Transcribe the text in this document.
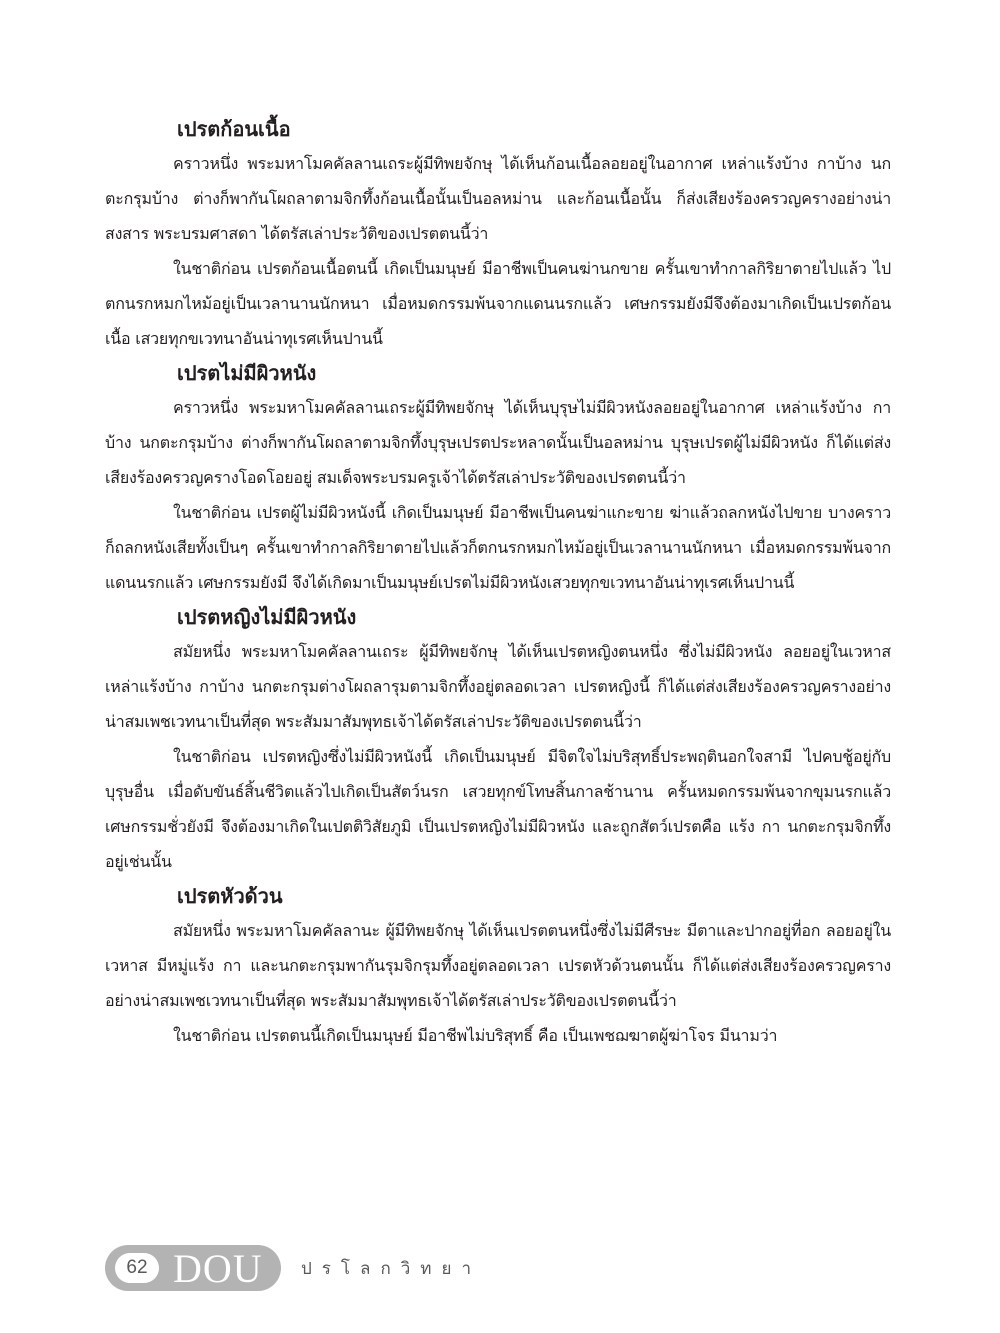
เปรตก้อนเนื้อ

คราวหนึ่ง พระมหาโมคคัลลานเถระผู้มีทิพยจักษุ ได้เห็นก้อนเนื้อลอยอยู่ในอากาศ เหล่าแร้งบ้าง กาบ้าง นกตะกรุมบ้าง ต่างก็พากันโผถลาตามจิกทึ้งก้อนเนื้อนั้นเป็นอลหม่าน และก้อนเนื้อนั้น ก็ส่งเสียงร้องครวญครางอย่างน่าสงสาร พระบรมศาสดา ได้ตรัสเล่าประวัติของเปรตตนนี้ว่า

ในชาติก่อน เปรตก้อนเนื้อตนนี้ เกิดเป็นมนุษย์ มีอาชีพเป็นคนฆ่านกขาย ครั้นเขาทำกาลกิริยาตายไปแล้ว ไปตกนรกหมกไหม้อยู่เป็นเวลานานนักหนา เมื่อหมดกรรมพ้นจากแดนนรกแล้ว เศษกรรมยังมีจึงต้องมาเกิดเป็นเปรตก้อนเนื้อ เสวยทุกขเวทนาอันน่าทุเรศเห็นปานนี้

เปรตไม่มีผิวหนัง

คราวหนึ่ง พระมหาโมคคัลลานเถระผู้มีทิพยจักษุ ได้เห็นบุรุษไม่มีผิวหนังลอยอยู่ในอากาศ เหล่าแร้งบ้าง กาบ้าง นกตะกรุมบ้าง ต่างก็พากันโผถลาตามจิกทึ้งบุรุษเปรตประหลาดนั้นเป็นอลหม่าน บุรุษเปรตผู้ไม่มีผิวหนัง ก็ได้แต่ส่งเสียงร้องครวญครางโอดโอยอยู่ สมเด็จพระบรมครูเจ้าได้ตรัสเล่าประวัติของเปรตตนนี้ว่า

ในชาติก่อน เปรตผู้ไม่มีผิวหนังนี้ เกิดเป็นมนุษย์ มีอาชีพเป็นคนฆ่าแกะขาย ฆ่าแล้วถลกหนังไปขาย บางคราวก็ถลกหนังเสียทั้งเป็นๆ ครั้นเขาทำกาลกิริยาตายไปแล้วก็ตกนรกหมกไหม้อยู่เป็นเวลานานนักหนา เมื่อหมดกรรมพ้นจากแดนนรกแล้ว เศษกรรมยังมี จึงได้เกิดมาเป็นมนุษย์เปรตไม่มีผิวหนังเสวยทุกขเวทนาอันน่าทุเรศเห็นปานนี้

เปรตหญิงไม่มีผิวหนัง

สมัยหนึ่ง พระมหาโมคคัลลานเถระ ผู้มีทิพยจักษุ ได้เห็นเปรตหญิงตนหนึ่ง ซึ่งไม่มีผิวหนัง ลอยอยู่ในเวหาส เหล่าแร้งบ้าง กาบ้าง นกตะกรุมต่างโผถลารุมตามจิกทึ้งอยู่ตลอดเวลา เปรตหญิงนี้ ก็ได้แต่ส่งเสียงร้องครวญครางอย่างน่าสมเพชเวทนาเป็นที่สุด พระสัมมาสัมพุทธเจ้าได้ตรัสเล่าประวัติของเปรตตนนี้ว่า

ในชาติก่อน เปรตหญิงซึ่งไม่มีผิวหนังนี้ เกิดเป็นมนุษย์ มีจิตใจไม่บริสุทธิ์ประพฤตินอกใจสามี ไปคบชู้อยู่กับบุรุษอื่น เมื่อดับขันธ์สิ้นชีวิตแล้วไปเกิดเป็นสัตว์นรก เสวยทุกข์โทษสิ้นกาลช้านาน ครั้นหมดกรรมพ้นจากขุมนรกแล้ว เศษกรรมชั่วยังมี จึงต้องมาเกิดในเปตติวิสัยภูมิ เป็นเปรตหญิงไม่มีผิวหนัง และถูกสัตว์เปรตคือ แร้ง กา นกตะกรุมจิกทึ้งอยู่เช่นนั้น

เปรตหัวด้วน

สมัยหนึ่ง พระมหาโมคคัลลานะ ผู้มีทิพยจักษุ ได้เห็นเปรตตนหนึ่งซึ่งไม่มีศีรษะ มีตาและปากอยู่ที่อก ลอยอยู่ในเวหาส มีหมู่แร้ง กา และนกตะกรุมพากันรุมจิกรุมทึ้งอยู่ตลอดเวลา เปรตหัวด้วนตนนั้น ก็ได้แต่ส่งเสียงร้องครวญครางอย่างน่าสมเพชเวทนาเป็นที่สุด พระสัมมาสัมพุทธเจ้าได้ตรัสเล่าประวัติของเปรตตนนี้ว่า

ในชาติก่อน เปรตตนนี้เกิดเป็นมนุษย์ มีอาชีพไม่บริสุทธิ์ คือ เป็นเพชฌฆาตผู้ฆ่าโจร มีนามว่า

62 DOU ปรโลกวิทยา
